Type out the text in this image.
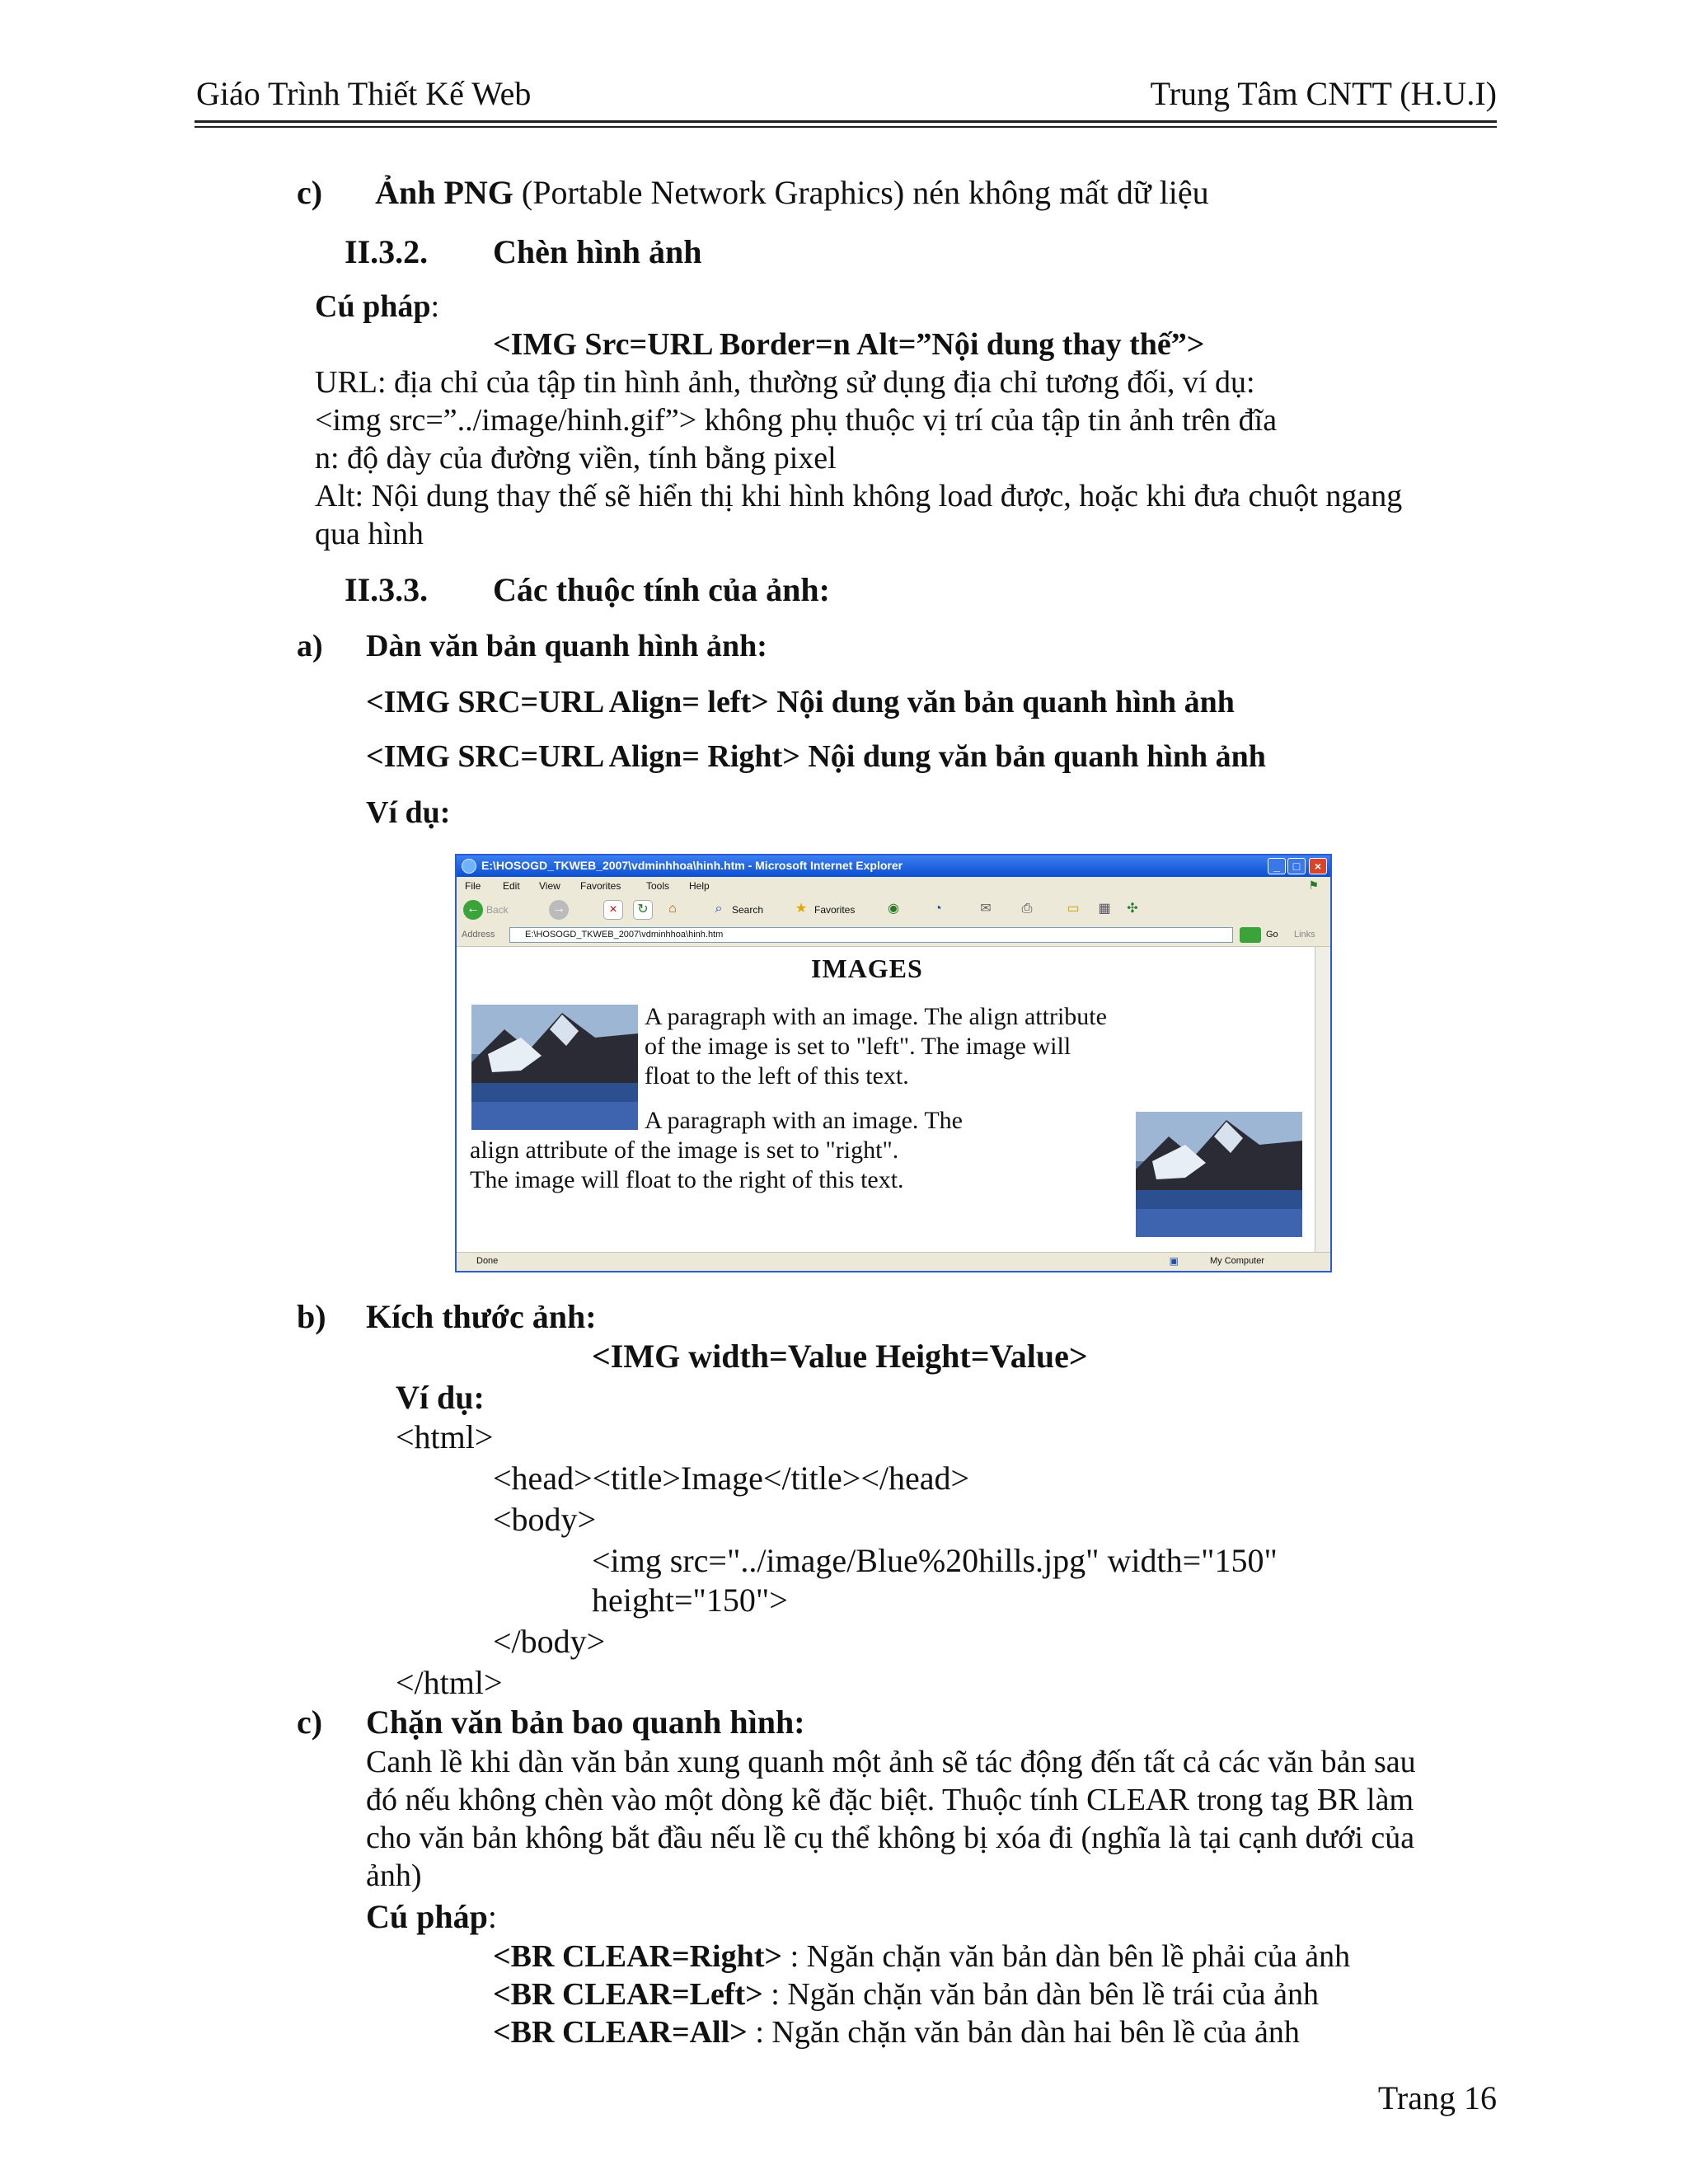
Giáo Trình Thiết Kế Web	Trung Tâm CNTT (H.U.I)
c) Ảnh PNG (Portable Network Graphics) nén không mất dữ liệu
II.3.2. Chèn hình ảnh
Cú pháp:
<IMG Src=URL Border=n Alt=”Nội dung thay thế”>
URL: địa chỉ của tập tin hình ảnh, thường sử dụng địa chỉ tương đối, ví dụ:
<img src=”../image/hinh.gif”> không phụ thuộc vị trí của tập tin ảnh trên đĩa
n: độ dày của đường viền, tính bằng pixel
Alt: Nội dung thay thế sẽ hiển thị khi hình không load được, hoặc khi đưa chuột ngang
qua hình
II.3.3. Các thuộc tính của ảnh:
a) Dàn văn bản quanh hình ảnh:
<IMG SRC=URL Align= left> Nội dung văn bản quanh hình ảnh
<IMG SRC=URL Align= Right> Nội dung văn bản quanh hình ảnh
Ví dụ:
E:\HOSOGD_TKWEB_2007\vdminhhoa\hinh.htm - Microsoft Internet Explorer	_	□	×
File Edit View Favorites	Tools Help	⚑
← Back	→	×	↻	⌂	⌕ Search	★ Favorites	◉	◔	✉	⎙	▭ ▦	✣
Address	E:\HOSOGD_TKWEB_2007\vdminhhoa\hinh.htm	Go Links
IMAGES
A paragraph with an image. The align attribute
of the image is set to "left". The image will
float to the left of this text.
A paragraph with an image. The
align attribute of the image is set to "right".
The image will float to the right of this text.
Done	▣	My Computer
b) Kích thước ảnh:
<IMG width=Value Height=Value>
Ví dụ:
<html>
<head><title>Image</title></head>
<body>
<img src="../image/Blue%20hills.jpg" width="150"
height="150">
</body>
</html>
c) Chặn văn bản bao quanh hình:
Canh lề khi dàn văn bản xung quanh một ảnh sẽ tác động đến tất cả các văn bản sau
đó nếu không chèn vào một dòng kẽ đặc biệt. Thuộc tính CLEAR trong tag BR làm
cho văn bản không bắt đầu nếu lề cụ thể không bị xóa đi (nghĩa là tại cạnh dưới của
ảnh)
Cú pháp:
<BR CLEAR=Right> : Ngăn chặn văn bản dàn bên lề phải của ảnh
<BR CLEAR=Left> : Ngăn chặn văn bản dàn bên lề trái của ảnh
<BR CLEAR=All> : Ngăn chặn văn bản dàn hai bên lề của ảnh
Trang 16
